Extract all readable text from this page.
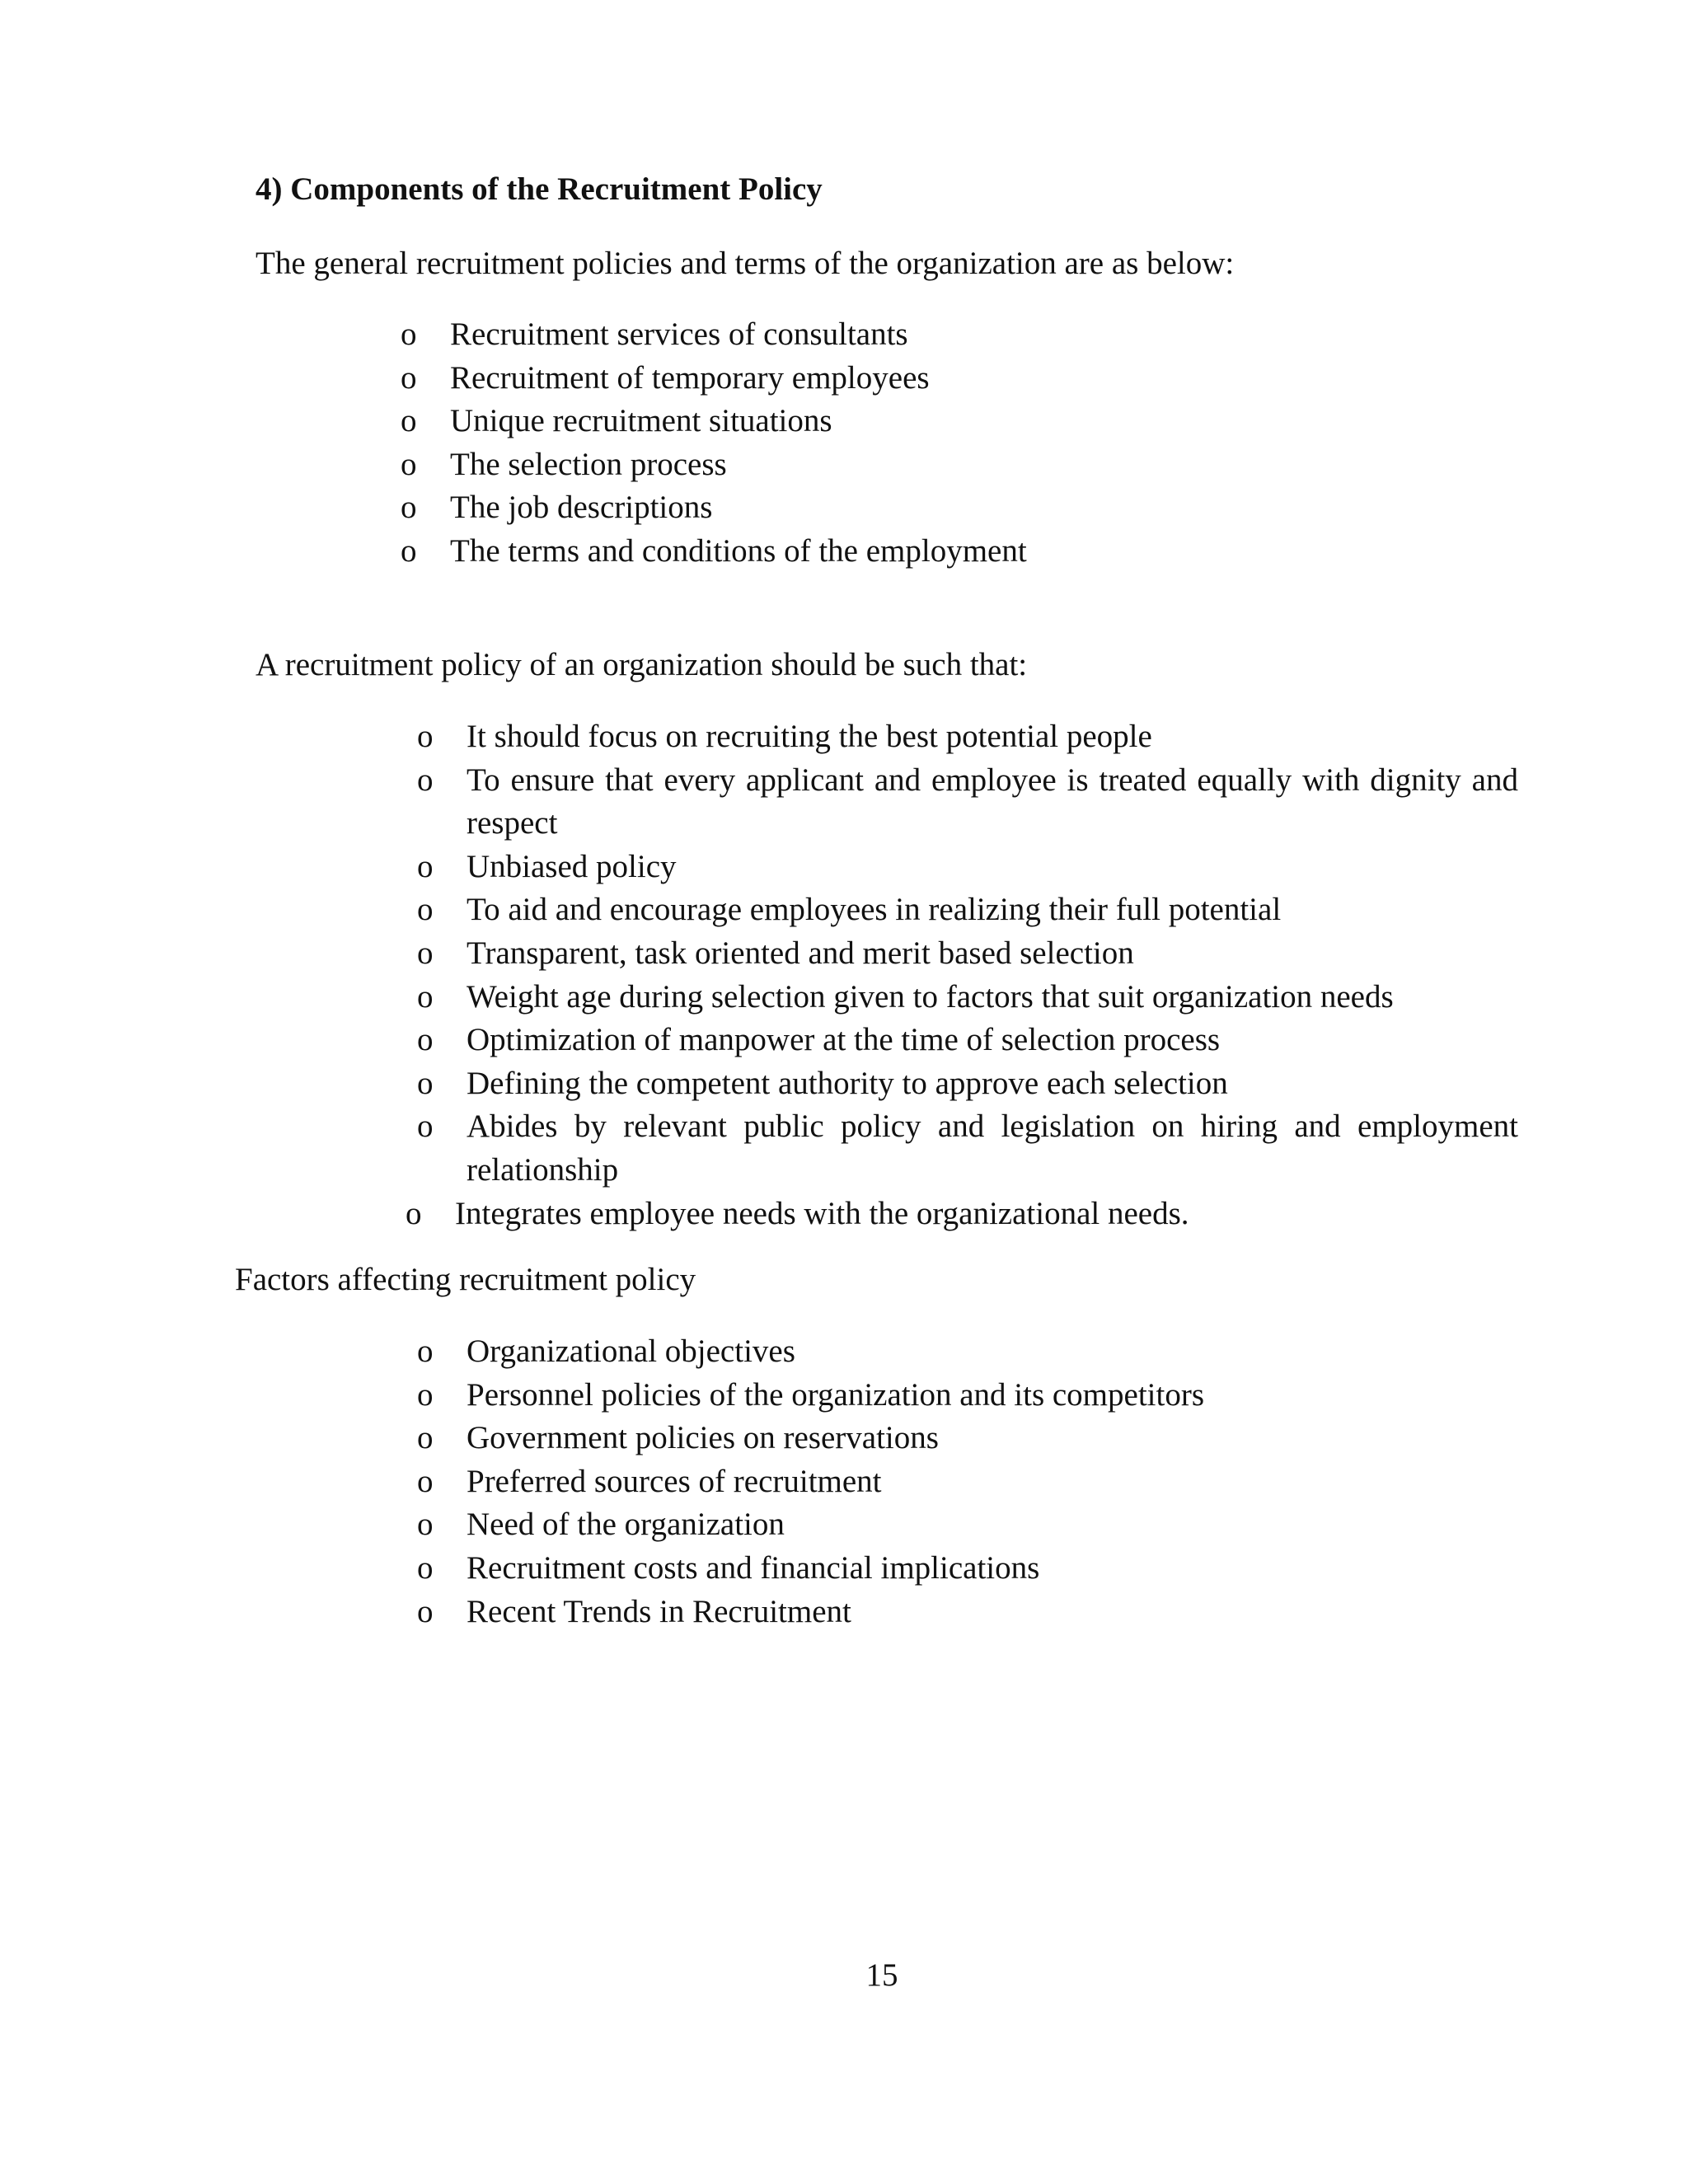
4) Components of the Recruitment Policy
The general recruitment policies and terms of the organization are as below:
o	Recruitment services of consultants
o	Recruitment of temporary employees
o	Unique recruitment situations
o	The selection process
o	The job descriptions
o	The terms and conditions of the employment
A recruitment policy of an organization should be such that:
o	It should focus on recruiting the best potential people
o	To ensure that every applicant and employee is treated equally with dignity and respect
o	Unbiased policy
o	To aid and encourage employees in realizing their full potential
o	Transparent, task oriented and merit based selection
o	Weight age during selection given to factors that suit organization needs
o	Optimization of manpower at the time of selection process
o	Defining the competent authority to approve each selection
o	Abides by relevant public policy and legislation on hiring and employment relationship
o	Integrates employee needs with the organizational needs.
Factors affecting recruitment policy
o	Organizational objectives
o	Personnel policies of the organization and its competitors
o	Government policies on reservations
o	Preferred sources of recruitment
o	Need of the organization
o	Recruitment costs and financial implications
o	Recent Trends in Recruitment
15
